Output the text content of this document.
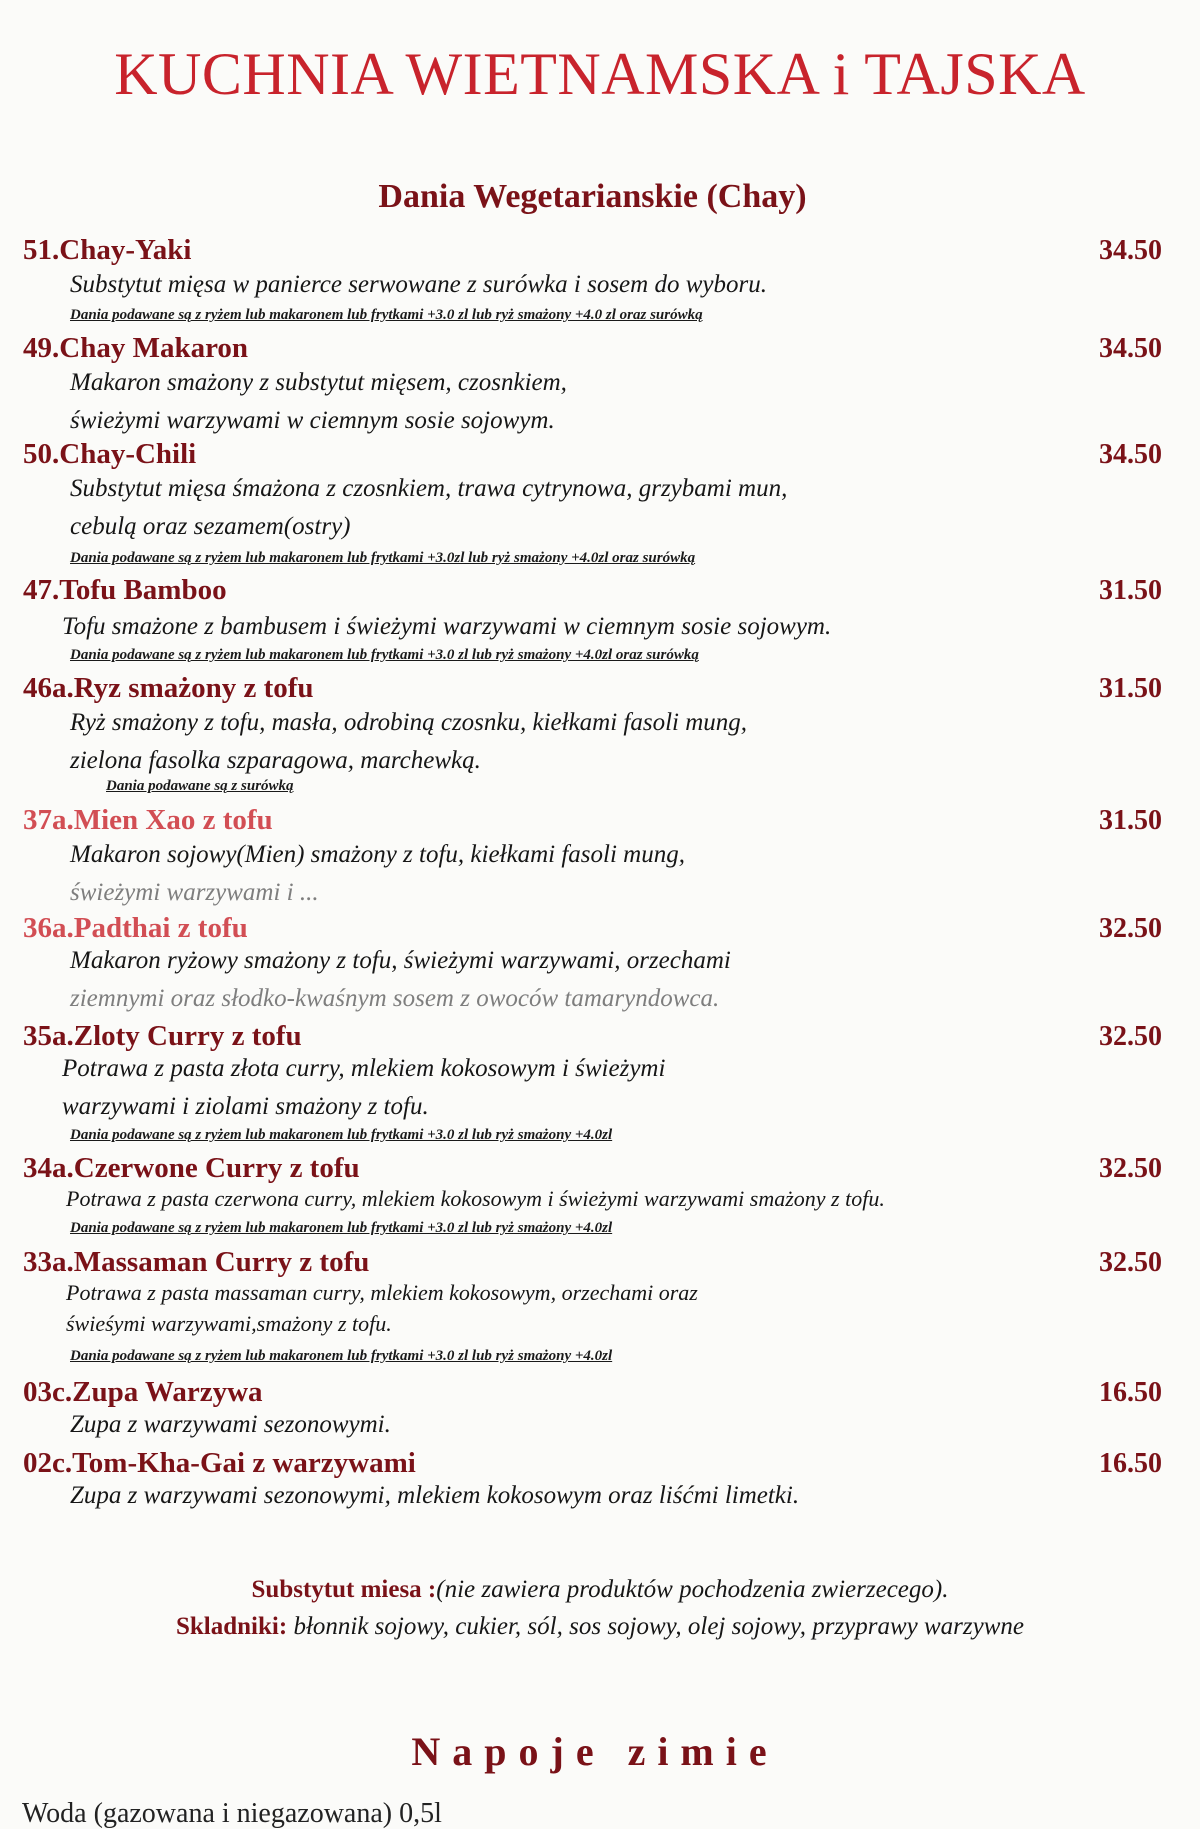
KUCHNIA WIETNAMSKA i TAJSKA
Dania Wegetarianskie (Chay)
51.Chay-Yaki	34.50
Substytut mięsa w panierce serwowane z surówka i sosem do wyboru.
Dania podawane są z ryżem lub makaronem lub frytkami +3.0 zl lub ryż smażony +4.0 zl oraz surówką
49.Chay Makaron	34.50
Makaron smażony z substytut mięsem, czosnkiem,
świeżymi warzywami w ciemnym sosie sojowym.
50.Chay-Chili	34.50
Substytut mięsa śmażona z czosnkiem, trawa cytrynowa, grzybami mun,
cebulą oraz sezamem(ostry)
Dania podawane są z ryżem lub makaronem lub frytkami +3.0zl lub ryż smażony +4.0zl oraz surówką
47.Tofu Bamboo	31.50
Tofu smażone z bambusem i świeżymi warzywami w ciemnym sosie sojowym.
Dania podawane są z ryżem lub makaronem lub frytkami +3.0 zl lub ryż smażony +4.0zl oraz surówką
46a.Ryz smażony z tofu	31.50
Ryż smażony z tofu, masła, odrobiną czosnku, kiełkami fasoli mung,
zielona fasolka szparagowa, marchewką.
Dania podawane są z surówką
37a.Mien Xao z tofu	31.50
Makaron sojowy(Mien) smażony z tofu, kiełkami fasoli mung,
świeżymi warzywami i ...
36a.Padthai z tofu	32.50
Makaron ryżowy smażony z tofu, świeżymi warzywami, orzechami
ziemnymi oraz słodko-kwaśnym sosem z owoców tamaryndowca.
35a.Zloty Curry z tofu	32.50
Potrawa z pasta złota curry, mlekiem kokosowym i świeżymi
warzywami i ziolami smażony z tofu.
Dania podawane są z ryżem lub makaronem lub frytkami +3.0 zl lub ryż smażony +4.0zl
34a.Czerwone Curry z tofu	32.50
Potrawa z pasta czerwona curry, mlekiem kokosowym i świeżymi warzywami smażony z tofu.
Dania podawane są z ryżem lub makaronem lub frytkami +3.0 zl lub ryż smażony +4.0zl
33a.Massaman Curry z tofu	32.50
Potrawa z pasta massaman curry, mlekiem kokosowym, orzechami oraz
świeśymi warzywami,smażony z tofu.
Dania podawane są z ryżem lub makaronem lub frytkami +3.0 zl lub ryż smażony +4.0zl
03c.Zupa Warzywa	16.50
Zupa z warzywami sezonowymi.
02c.Tom-Kha-Gai z warzywami	16.50
Zupa z warzywami sezonowymi, mlekiem kokosowym oraz liśćmi limetki.
Substytut miesa :(nie zawiera produktów pochodzenia zwierzecego).
Skladniki: błonnik sojowy, cukier, sól, sos sojowy, olej sojowy, przyprawy warzywne
Napoje zimie
Woda (gazowana i niegazowana) 0,5l
